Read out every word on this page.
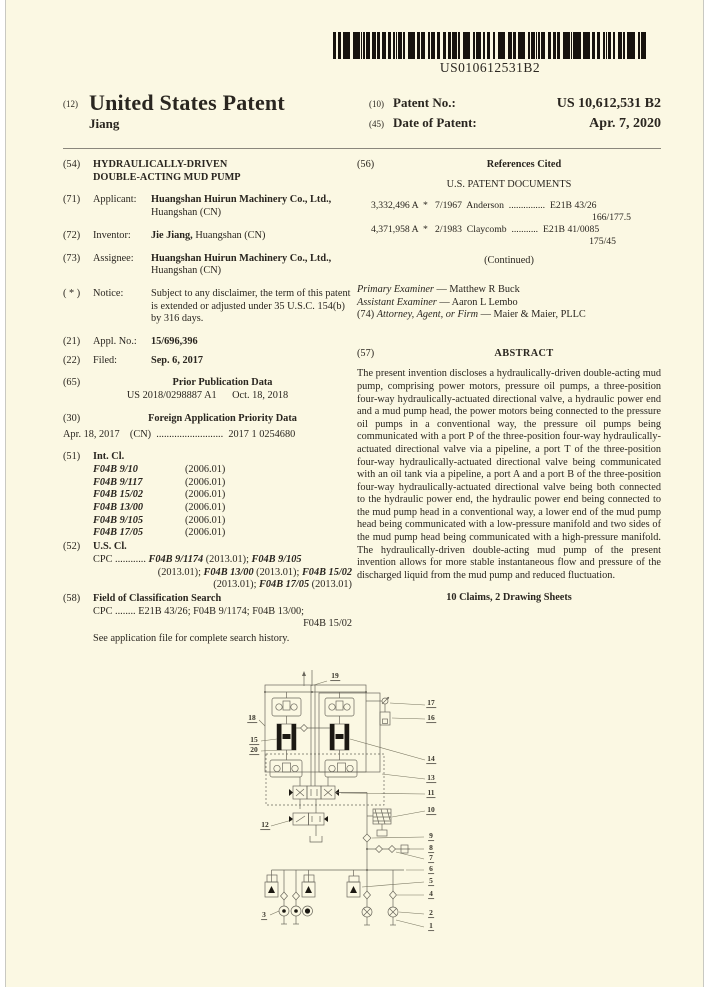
US010612531B2
(12) United States Patent
Jiang
(10) Patent No.:	US 10,612,531 B2
(45) Date of Patent:	Apr. 7, 2020
(54)	HYDRAULICALLY-DRIVEN
DOUBLE-ACTING MUD PUMP
(71)	Applicant:	Huangshan Huirun Machinery Co., Ltd., Huangshan (CN)
(72)	Inventor:	Jie Jiang, Huangshan (CN)
(73)	Assignee:	Huangshan Huirun Machinery Co., Ltd., Huangshan (CN)
( * )	Notice:	Subject to any disclaimer, the term of this patent is extended or adjusted under 35 U.S.C. 154(b) by 316 days.
(21)	Appl. No.:	15/696,396
(22)	Filed:	Sep. 6, 2017
(65)	Prior Publication Data
US 2018/0298887 A1      Oct. 18, 2018
(30)	Foreign Application Priority Data
Apr. 18, 2017    (CN)  ..........................  2017 1 0254680
(51)	Int. Cl.
F04B 9/10	(2006.01)
F04B 9/117	(2006.01)
F04B 15/02	(2006.01)
F04B 13/00	(2006.01)
F04B 9/105	(2006.01)
F04B 17/05	(2006.01)
(52)	U.S. Cl.
CPC ............ F04B 9/1174 (2013.01); F04B 9/105
(2013.01); F04B 13/00 (2013.01); F04B 15/02
(2013.01); F04B 17/05 (2013.01)
(58)	Field of Classification Search
CPC ........ E21B 43/26; F04B 9/1174; F04B 13/00;
F04B 15/02
See application file for complete search history.
(56)	References Cited
U.S. PATENT DOCUMENTS
3,332,496 A  *   7/1967  Anderson  ...............  E21B 43/26
166/177.5
4,371,958 A  *   2/1983  Claycomb  ...........  E21B 41/0085
175/45
(Continued)
Primary Examiner — Matthew R Buck
Assistant Examiner — Aaron L Lembo
(74) Attorney, Agent, or Firm — Maier & Maier, PLLC
(57)	ABSTRACT
The present invention discloses a hydraulically-driven double-acting mud pump, comprising power motors, pressure oil pumps, a three-position four-way hydraulically-actuated directional valve, a hydraulic power end and a mud pump head, the power motors being connected to the pressure oil pumps in a conventional way, the pressure oil pumps being communicated with a port P of the three-position four-way hydraulically-actuated directional valve via a pipeline, a port T of the three-position four-way hydraulically-actuated directional valve being communicated with an oil tank via a pipeline, a port A and a port B of the three-position four-way hydraulically-actuated directional valve being both connected to the hydraulic power end, the hydraulic power end being connected to the mud pump head in a conventional way, a lower end of the mud pump head being communicated with a low-pressure manifold and two sides of the mud pump head being communicated with a high-pressure manifold. The hydraulically-driven double-acting mud pump of the present invention allows for more stable instantaneous flow and pressure of the discharged liquid from the mud pump and reduced fluctuation.
10 Claims, 2 Drawing Sheets
19
17
16
18
15
20
14
13
11
10
12
9
8
7
6
5
4
3	2
1
